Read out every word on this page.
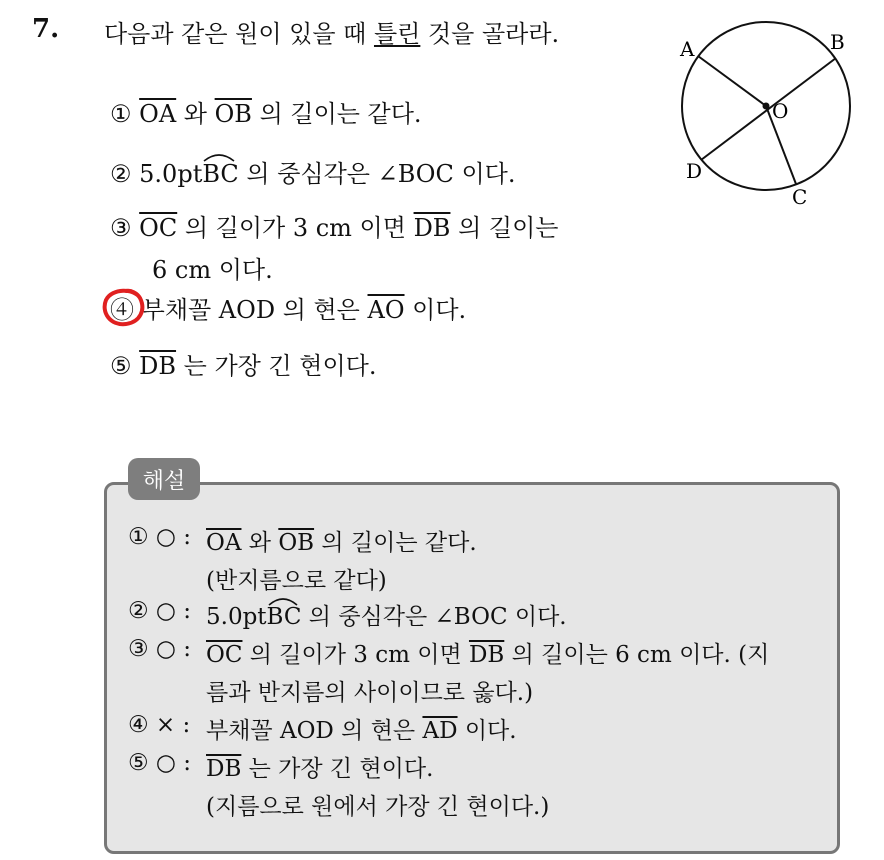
7. 다음과 같은 원이 있을 때 틀린 것을 골라라.
A	B
O
D
C
① $\overline{OA}$ 와 $\overline{OB}$ 의 길이는 같다.
② 5.0pt
BC 의 중심각은 ∠BOC 이다.
③ $\overline{OC}$ 의 길이가 3 cm 이면 $\overline{DB}$ 의 길이는
6 cm 이다.
④ 부채꼴 AOD 의 현은 $\overline{AO}$ 이다.
⑤ $\overline{DB}$ 는 가장 긴 현이다.
해설
① ○ : $\overline{OA}$ 와 $\overline{OB}$ 의 길이는 같다.
(반지름으로 같다)
② ○ : 5.0pt
BC 의 중심각은 ∠BOC 이다.
③ ○ : $\overline{OC}$ 의 길이가 3 cm 이면 $\overline{DB}$ 의 길이는 6 cm 이다. (지
름과 반지름의 사이이므로 옳다.)
④ × : 부채꼴 AOD 의 현은 $\overline{AD}$ 이다.
⑤ ○ : $\overline{DB}$ 는 가장 긴 현이다.
(지름으로 원에서 가장 긴 현이다.)
